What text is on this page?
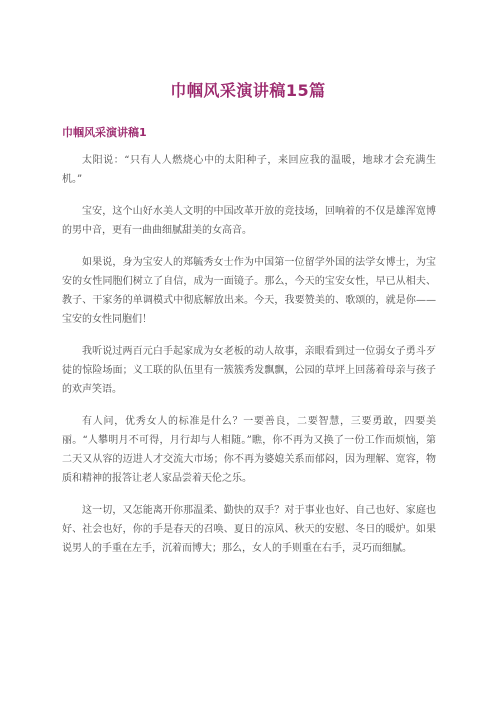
巾帼风采演讲稿15篇
巾帼风采演讲稿1

太阳说：“只有人人燃烧心中的太阳种子，来回应我的温暖，地球才会充满生机。”

宝安，这个山好水美人文明的中国改革开放的竞技场，回响着的不仅是雄浑宽博的男中音，更有一曲曲细腻甜美的女高音。

如果说，身为宝安人的郑毓秀女士作为中国第一位留学外国的法学女博士，为宝安的女性同胞们树立了自信，成为一面镜子。那么，今天的宝安女性，早已从相夫、教子、干家务的单调模式中彻底解放出来。今天，我要赞美的、歌颂的，就是你——宝安的女性同胞们！

我听说过两百元白手起家成为女老板的动人故事，亲眼看到过一位弱女子勇斗歹徒的惊险场面；义工联的队伍里有一簇簇秀发飘飘，公园的草坪上回荡着母亲与孩子的欢声笑语。

有人问，优秀女人的标准是什么？一要善良，二要智慧，三要勇敢，四要美丽。“人攀明月不可得，月行却与人相随。”瞧，你不再为又换了一份工作而烦恼，第二天又从容的迈进人才交流大市场；你不再为婆媳关系而郁闷，因为理解、宽容，物质和精神的报答让老人家品尝着天伦之乐。

这一切，又怎能离开你那温柔、勤快的双手？对于事业也好、自己也好、家庭也好、社会也好，你的手是春天的召唤、夏日的凉风、秋天的安慰、冬日的暖炉。如果说男人的手重在左手，沉着而博大；那么，女人的手则重在右手，灵巧而细腻。
